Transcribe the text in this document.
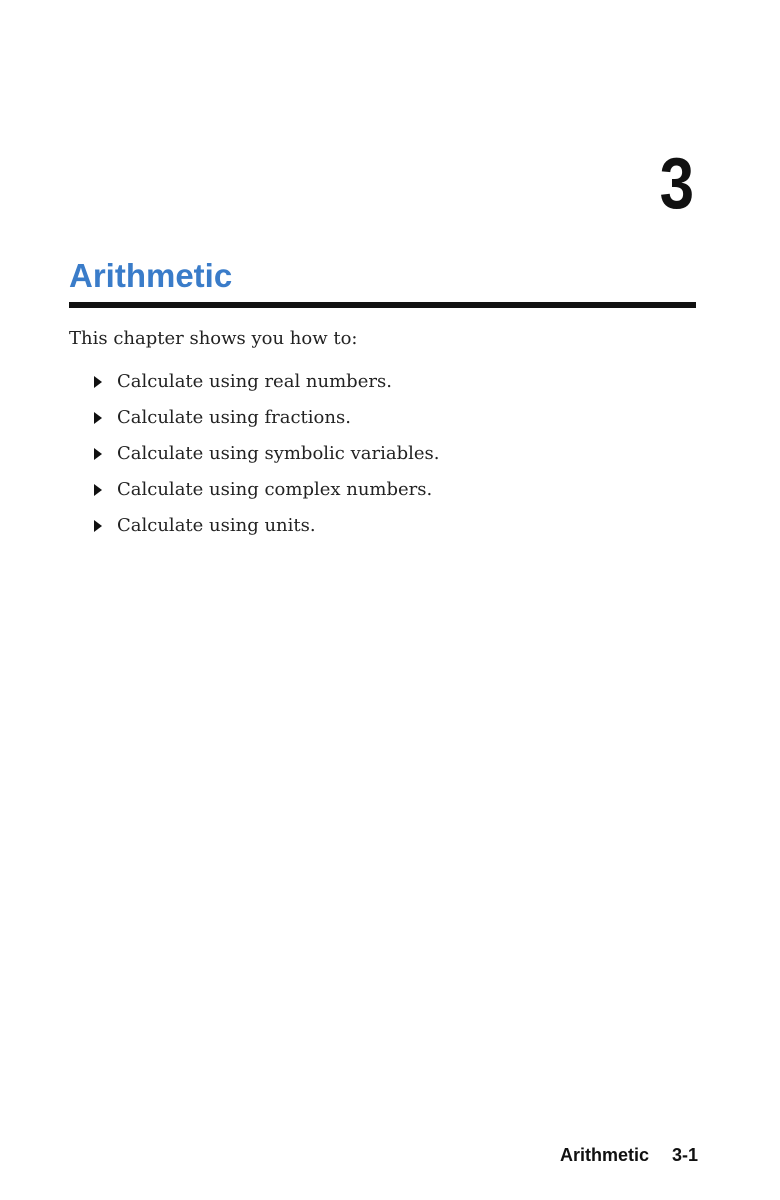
3
Arithmetic

This chapter shows you how to:

Calculate using real numbers.
Calculate using fractions.
Calculate using symbolic variables.
Calculate using complex numbers.
Calculate using units.
Arithmetic 3-1
